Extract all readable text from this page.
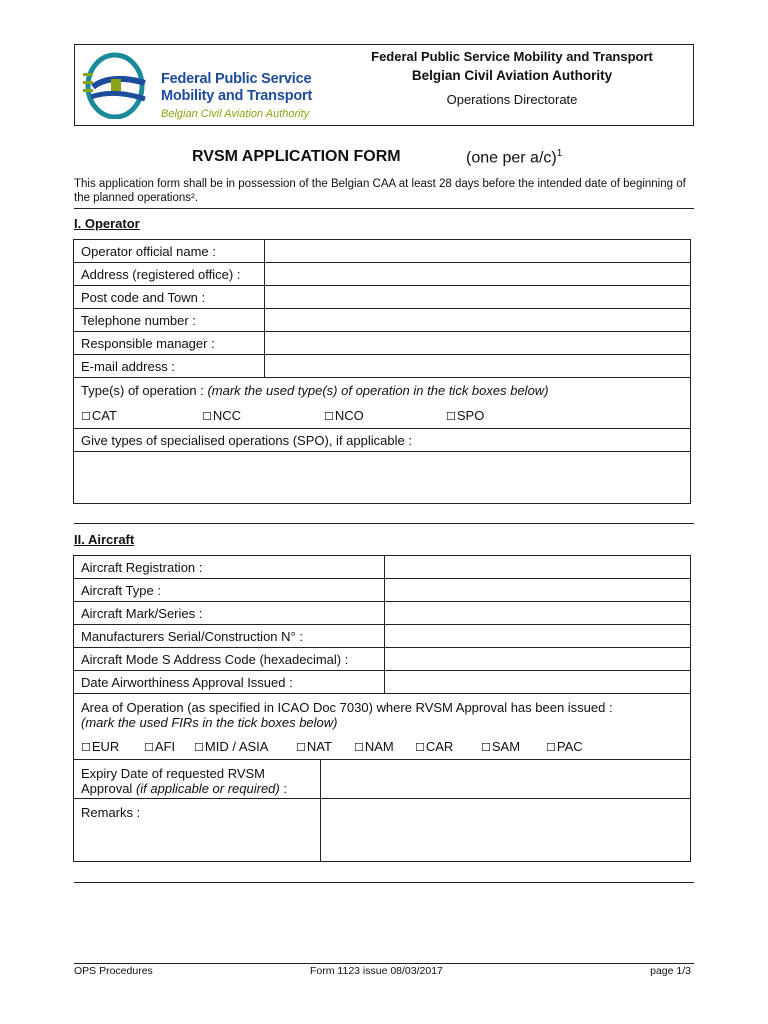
Federal Public Service
Mobility and Transport
Belgian Civil Aviation Authority
Federal Public Service Mobility and Transport
Belgian Civil Aviation Authority
Operations Directorate
RVSM APPLICATION FORM	(one per a/c)$^1$
This application form shall be in possession of the Belgian CAA at least 28 days before the intended date of beginning of the planned operations².
I. Operator
Operator official name :	
Address (registered office) :	
Post code and Town :	
Telephone number :	
Responsible manager :	
E-mail address :	

Type(s) of operation : (mark the used type(s) of operation in the tick boxes below)
☐CAT ☐NCC ☐NCO ☐SPO	

Give types of specialised operations (SPO), if applicable :	

II. Aircraft
Aircraft Registration :		
Aircraft Type :		
Aircraft Mark/Series :		
Manufacturers Serial/Construction N° :		
Aircraft Mode S Address Code (hexadecimal) :		
Date Airworthiness Approval Issued :		

Area of Operation (as specified in ICAO Doc 7030) where RVSM Approval has been issued :
(mark the used FIRs in the tick boxes below)
☐EUR ☐AFI ☐MID / ASIA ☐NAT ☐NAM ☐CAR ☐SAM ☐PAC		

Expiry Date of requested RVSM
Approval (if applicable or required) :		

Remarks :		
OPS Procedures	Form 1123 issue 08/03/2017	page 1/3
